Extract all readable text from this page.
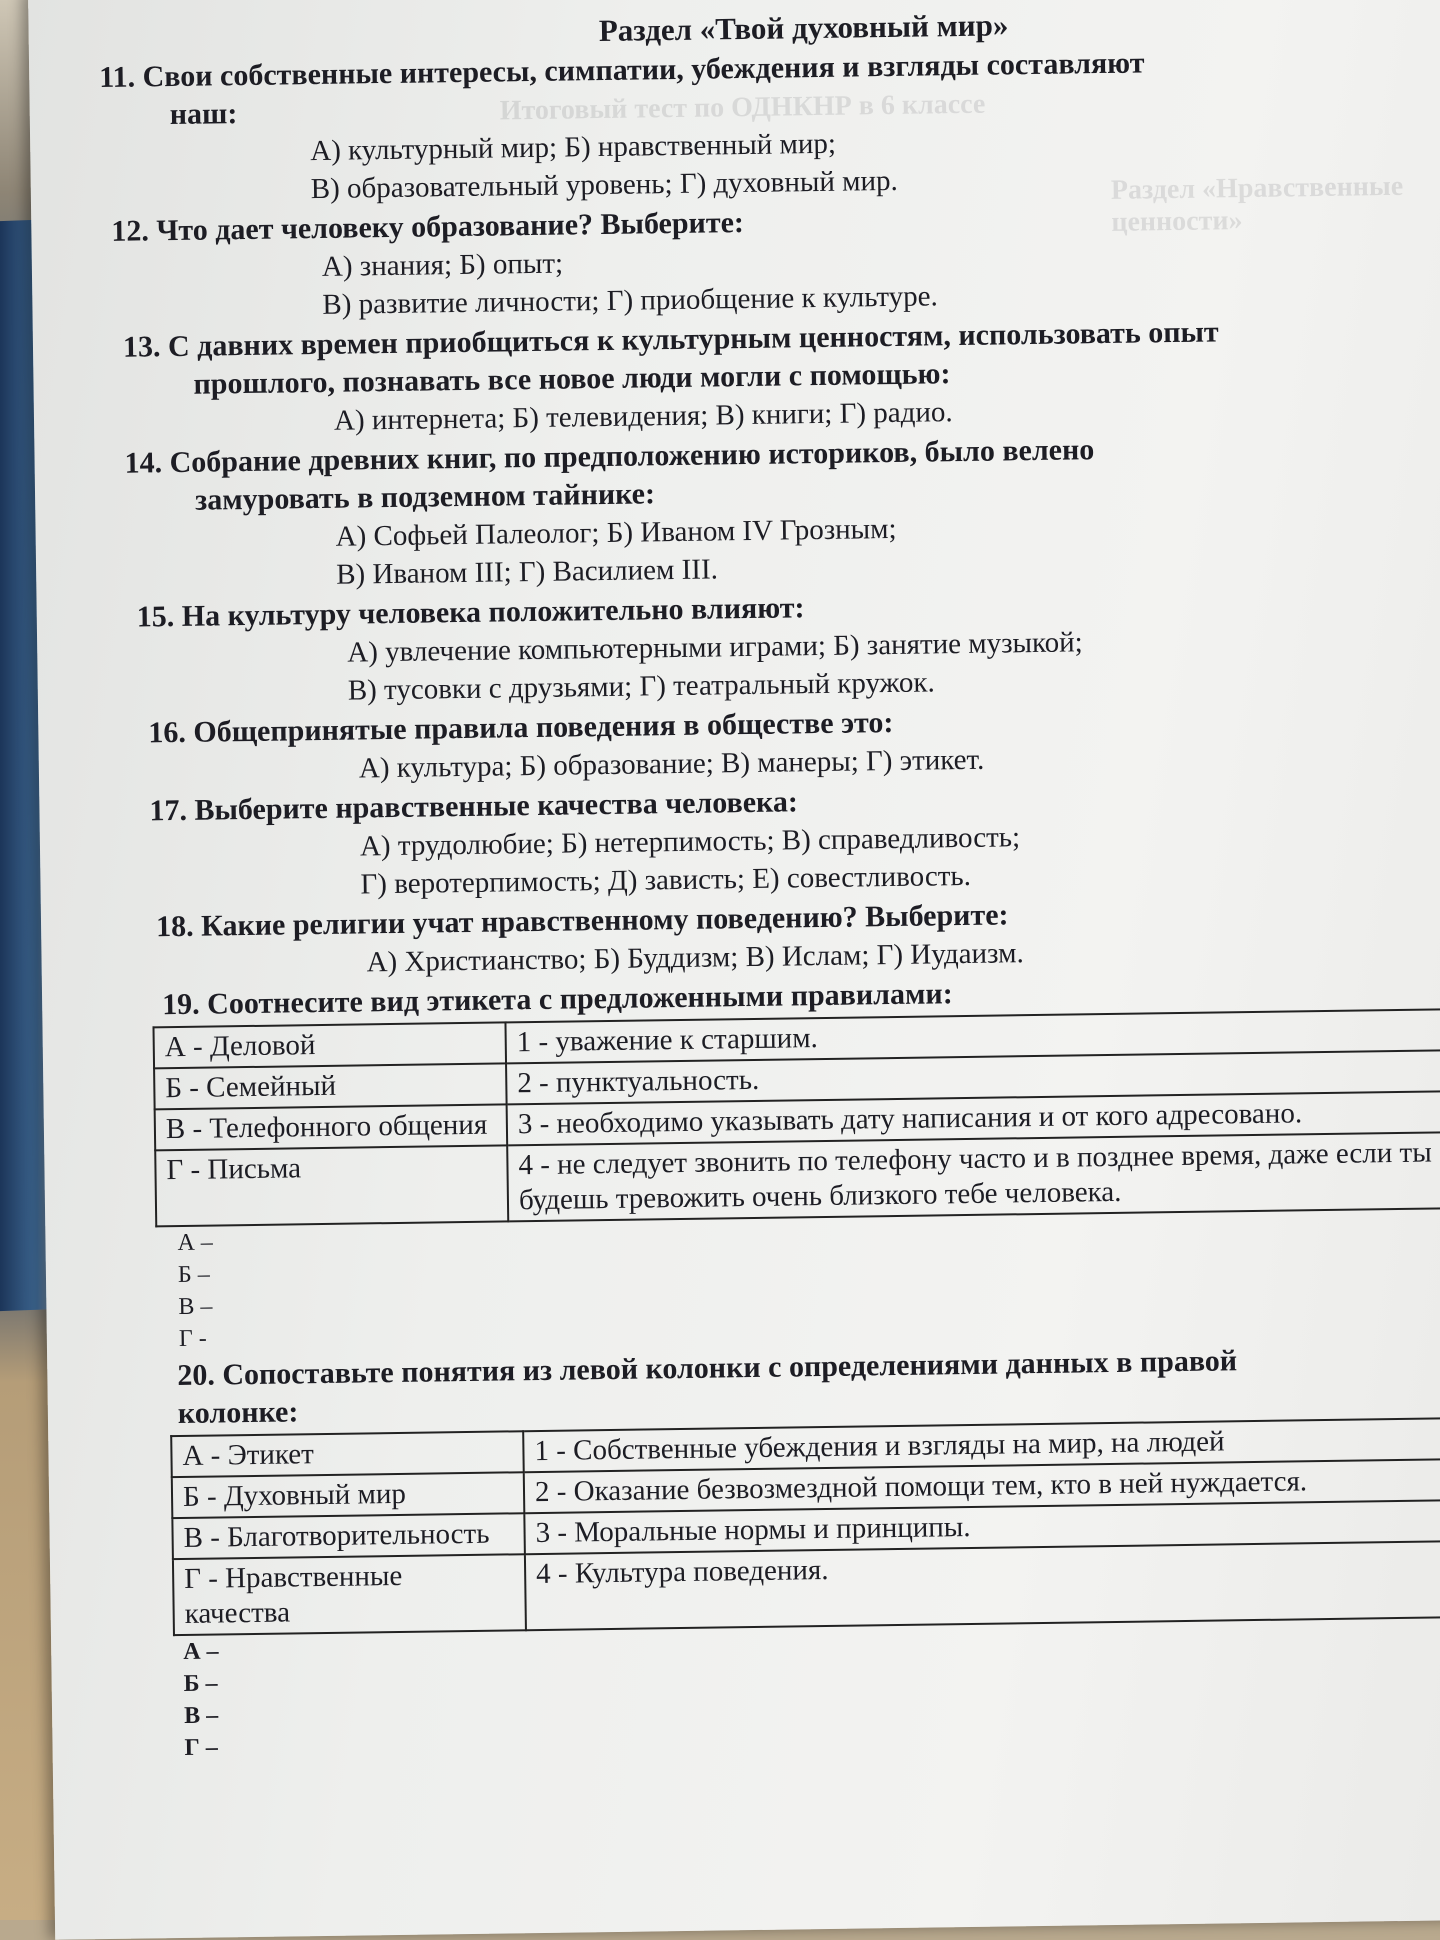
Итоговый тест по ОДНКНР в 6 классе
Раздел «Нравственные ценности»
Раздел «Твой духовный мир»
11. Свои собственные интересы, симпатии, убеждения и взгляды составляют
наш:
А) культурный мир; Б) нравственный мир;
В) образовательный уровень; Г) духовный мир.
12. Что дает человеку образование? Выберите:
А) знания; Б) опыт;
В) развитие личности; Г) приобщение к культуре.
13. С давних времен приобщиться к культурным ценностям, использовать опыт
прошлого, познавать все новое люди могли с помощью:
А) интернета; Б) телевидения; В) книги; Г) радио.
14. Собрание древних книг, по предположению историков, было велено
замуровать в подземном тайнике:
А) Софьей Палеолог; Б) Иваном IV Грозным;
В) Иваном III; Г) Василием III.
15. На культуру человека положительно влияют:
А) увлечение компьютерными играми; Б) занятие музыкой;
В) тусовки с друзьями; Г) театральный кружок.
16. Общепринятые правила поведения в обществе это:
А) культура; Б) образование; В) манеры; Г) этикет.
17. Выберите нравственные качества человека:
А) трудолюбие; Б) нетерпимость; В) справедливость;
Г) веротерпимость; Д) зависть; Е) совестливость.
18. Какие религии учат нравственному поведению? Выберите:
А) Христианство; Б) Буддизм; В) Ислам; Г) Иудаизм.
19. Соотнесите вид этикета с предложенными правилами:
А - Деловой	1 - уважение к старшим.
Б - Семейный	2 - пунктуальность.
В - Телефонного общения	3 - необходимо указывать дату написания и от кого адресовано.
Г - Письма	4 - не следует звонить по телефону часто и в позднее время, даже если ты будешь тревожить очень близкого тебе человека.
А –
Б –
В –
Г -
20. Сопоставьте понятия из левой колонки с определениями данных в правой
колонке:
А - Этикет	1 - Собственные убеждения и взгляды на мир, на людей
Б - Духовный мир	2 - Оказание безвозмездной помощи тем, кто в ней нуждается.
В - Благотворительность	3 - Моральные нормы и принципы.
Г - Нравственные качества	4 - Культура поведения.
А –
Б –
В –
Г –
